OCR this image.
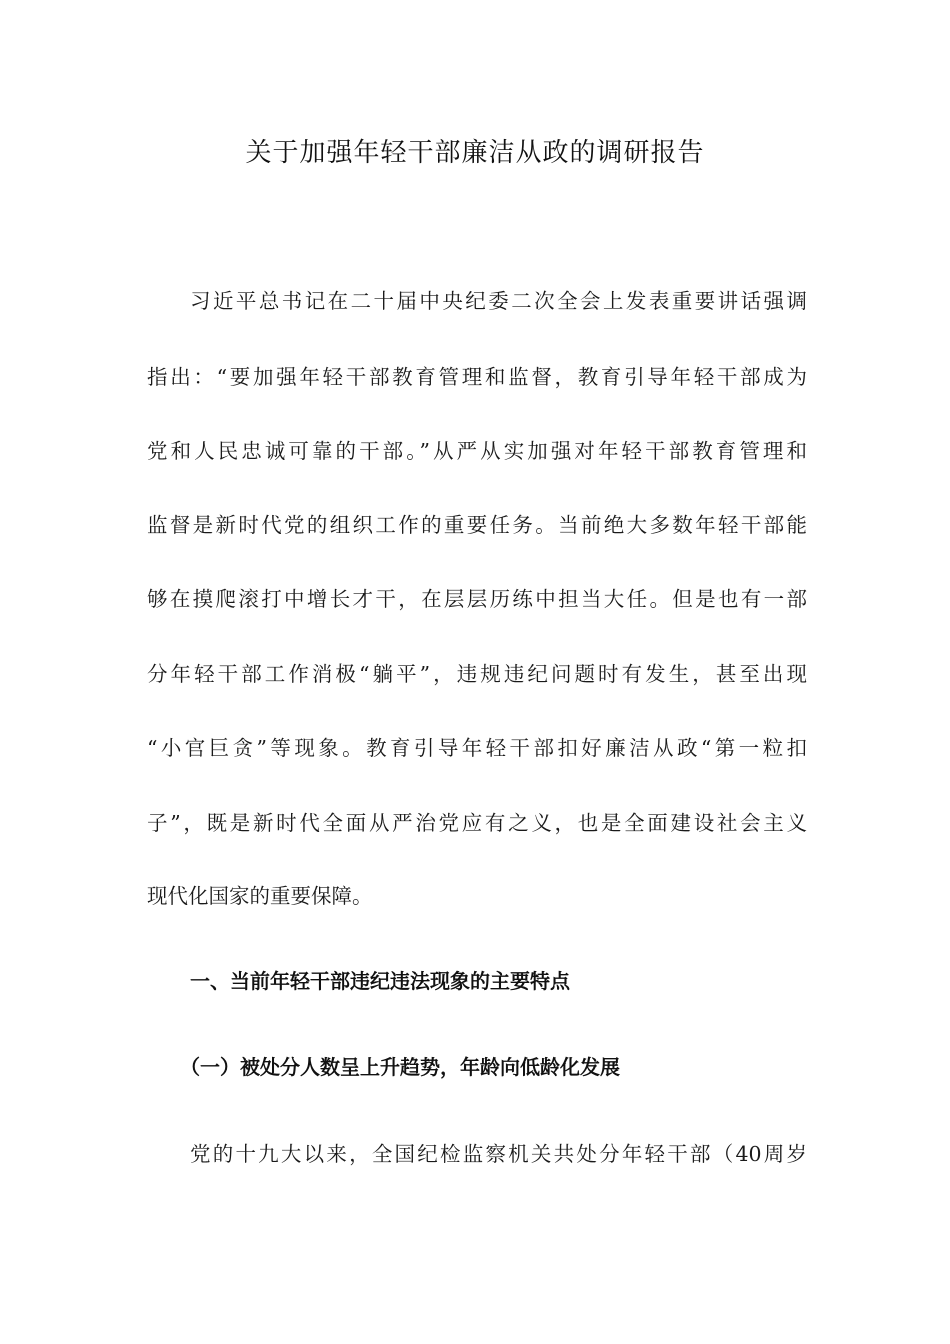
关于加强年轻干部廉洁从政的调研报告

习近平总书记在二十届中央纪委二次全会上发表重要讲话强调

指出：“要加强年轻干部教育管理和监督，教育引导年轻干部成为

党和人民忠诚可靠的干部。”从严从实加强对年轻干部教育管理和

监督是新时代党的组织工作的重要任务。当前绝大多数年轻干部能

够在摸爬滚打中增长才干，在层层历练中担当大任。但是也有一部

分年轻干部工作消极“躺平”，违规违纪问题时有发生，甚至出现

“小官巨贪”等现象。教育引导年轻干部扣好廉洁从政“第一粒扣

子”，既是新时代全面从严治党应有之义，也是全面建设社会主义

现代化国家的重要保障。

一、当前年轻干部违纪违法现象的主要特点
（一）被处分人数呈上升趋势，年龄向低龄化发展

党的十九大以来，全国纪检监察机关共处分年轻干部（40周岁
